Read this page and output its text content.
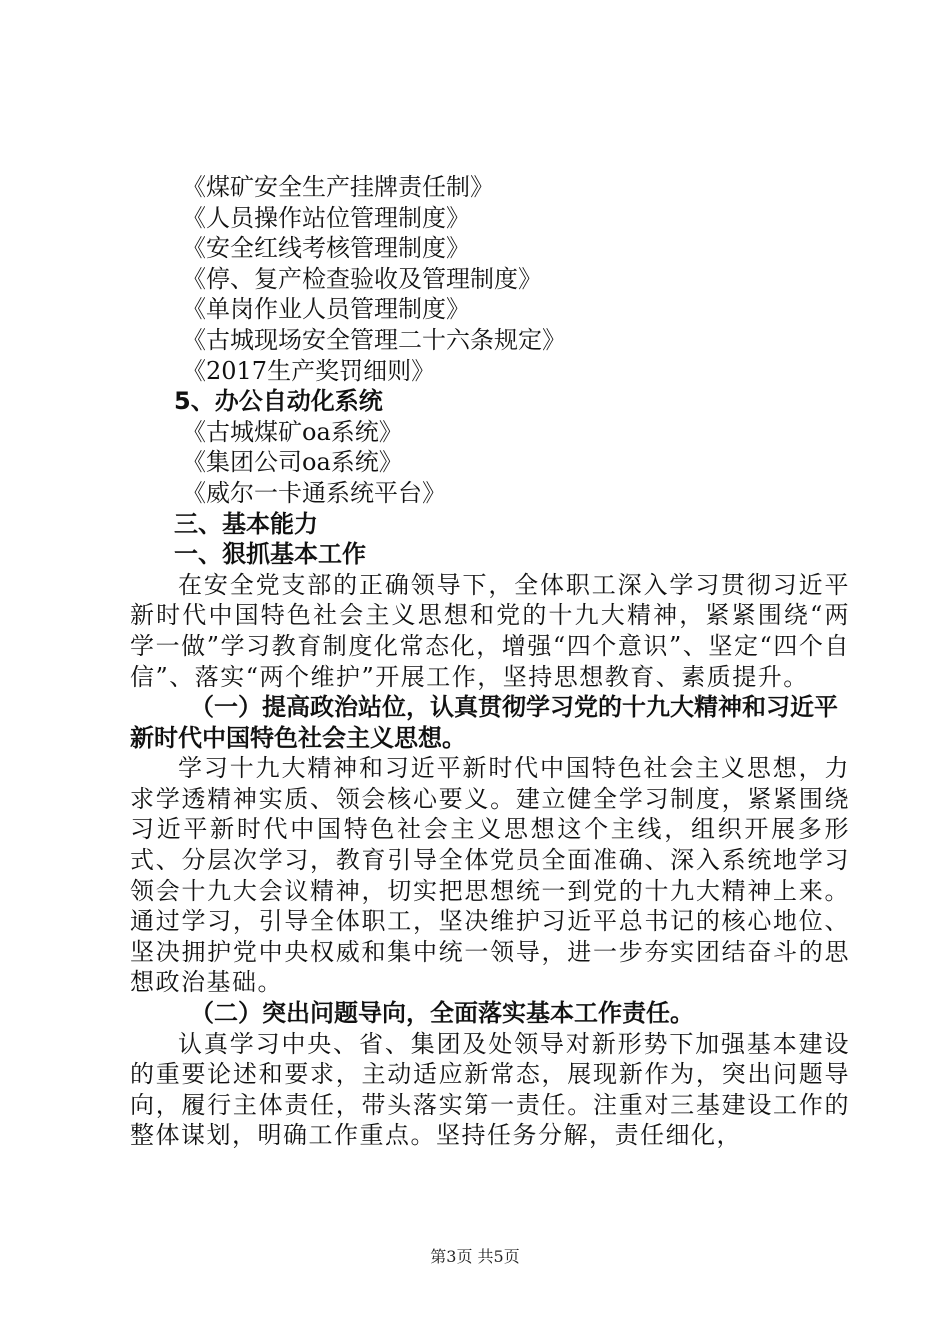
《煤矿安全生产挂牌责任制》
《人员操作站位管理制度》
《安全红线考核管理制度》
《停、复产检查验收及管理制度》
《单岗作业人员管理制度》
《古城现场安全管理二十六条规定》
《2017生产奖罚细则》
5、办公自动化系统
《古城煤矿oa系统》
《集团公司oa系统》
《威尔一卡通系统平台》
三、基本能力
一、狠抓基本工作
在安全党支部的正确领导下，全体职工深入学习贯彻习近平新时代中国特色社会主义思想和党的十九大精神，紧紧围绕“两学一做”学习教育制度化常态化，增强“四个意识”、坚定“四个自信”、落实“两个维护”开展工作，坚持思想教育、素质提升。
（一）提高政治站位，认真贯彻学习党的十九大精神和习近平新时代中国特色社会主义思想。
学习十九大精神和习近平新时代中国特色社会主义思想，力求学透精神实质、领会核心要义。建立健全学习制度，紧紧围绕习近平新时代中国特色社会主义思想这个主线，组织开展多形式、分层次学习，教育引导全体党员全面准确、深入系统地学习领会十九大会议精神，切实把思想统一到党的十九大精神上来。通过学习，引导全体职工，坚决维护习近平总书记的核心地位、坚决拥护党中央权威和集中统一领导，进一步夯实团结奋斗的思想政治基础。
（二）突出问题导向，全面落实基本工作责任。
认真学习中央、省、集团及处领导对新形势下加强基本建设的重要论述和要求，主动适应新常态，展现新作为，突出问题导向，履行主体责任，带头落实第一责任。注重对三基建设工作的整体谋划，明确工作重点。坚持任务分解，责任细化，
第3页 共5页
